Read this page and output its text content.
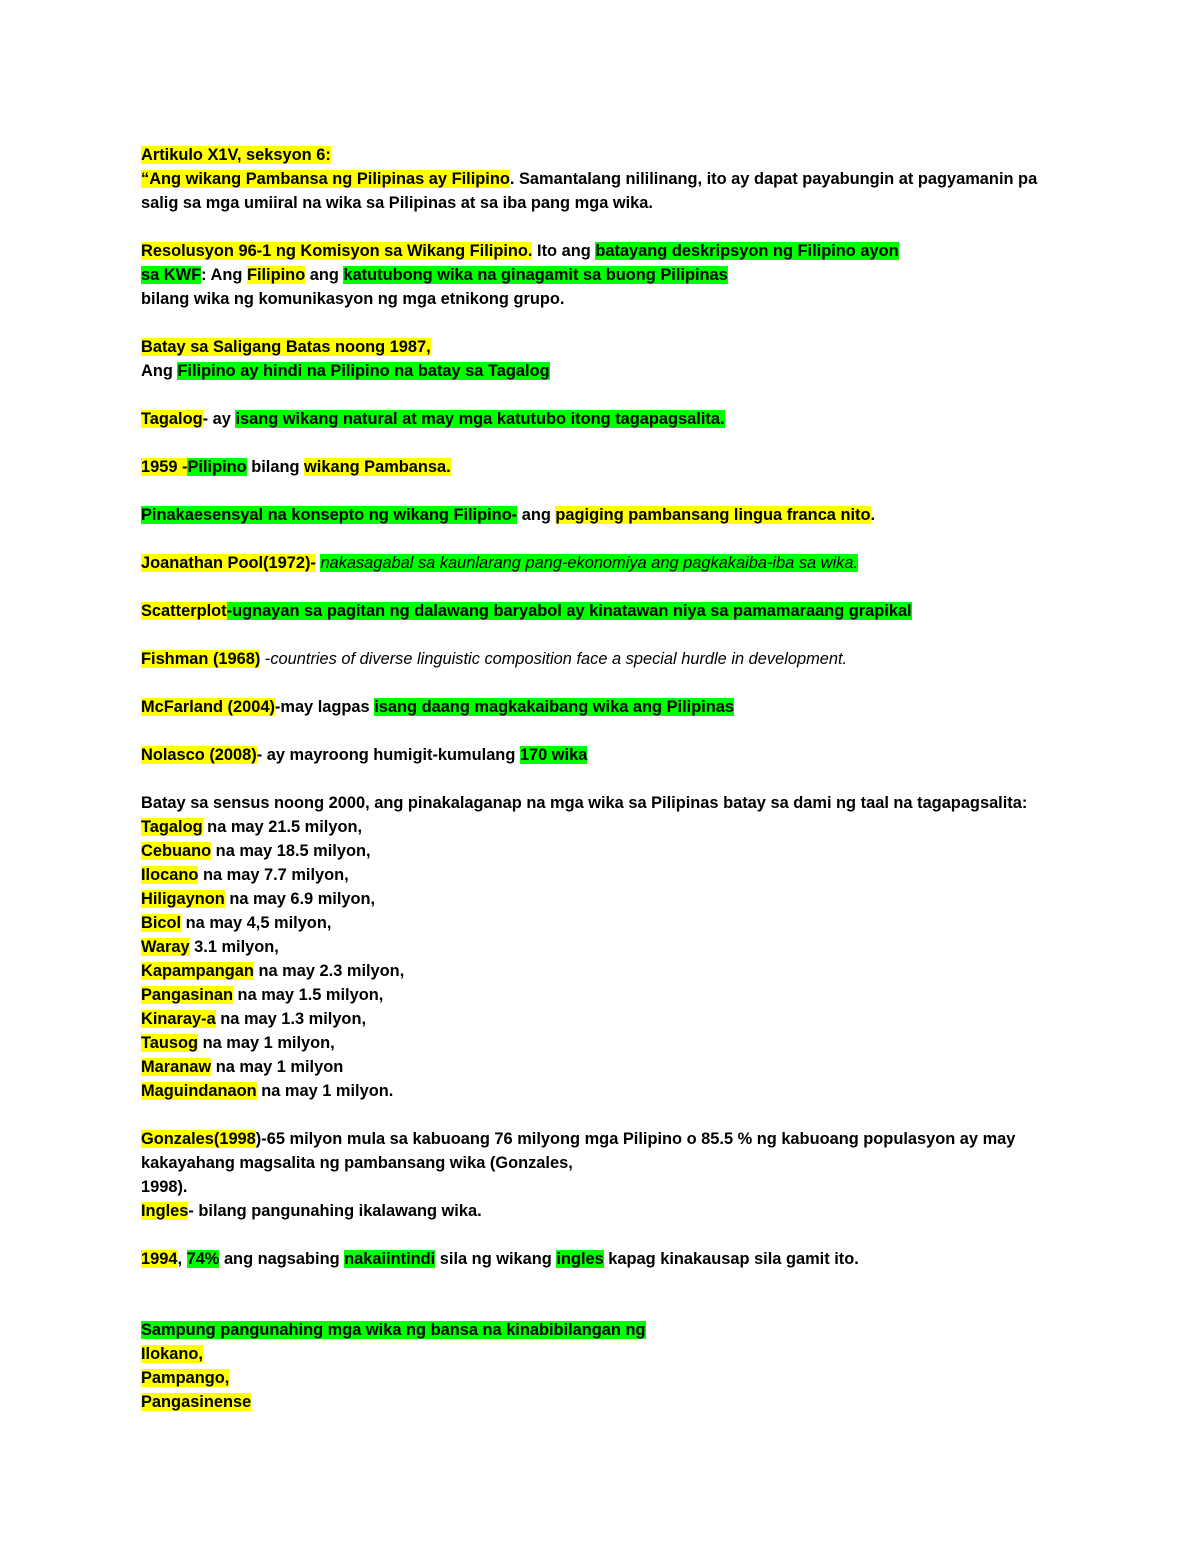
Artikulo X1V, seksyon 6:
“Ang wikang Pambansa ng Pilipinas ay Filipino. Samantalang nililinang, ito ay dapat payabungin at pagyamanin pa
salig sa mga umiiral na wika sa Pilipinas at sa iba pang mga wika.
Resolusyon 96-1 ng Komisyon sa Wikang Filipino. Ito ang batayang deskripsyon ng Filipino ayon
sa KWF: Ang Filipino ang katutubong wika na ginagamit sa buong Pilipinas
bilang wika ng komunikasyon ng mga etnikong grupo.
Batay sa Saligang Batas noong 1987,
Ang Filipino ay hindi na Pilipino na batay sa Tagalog
Tagalog- ay isang wikang natural at may mga katutubo itong tagapagsalita.
1959 -Pilipino bilang wikang Pambansa.
Pinakaesensyal na konsepto ng wikang Filipino- ang pagiging pambansang lingua franca nito.
Joanathan Pool(1972)- nakasagabal sa kaunlarang pang-ekonomiya ang pagkakaiba-iba sa wika.
Scatterplot-ugnayan sa pagitan ng dalawang baryabol ay kinatawan niya sa pamamaraang grapikal
Fishman (1968) -countries of diverse linguistic composition face a special hurdle in development.
McFarland (2004)-may lagpas isang daang magkakaibang wika ang Pilipinas
Nolasco (2008)- ay mayroong humigit-kumulang 170 wika
Batay sa sensus noong 2000, ang pinakalaganap na mga wika sa Pilipinas batay sa dami ng taal na tagapagsalita:
Tagalog na may 21.5 milyon,
Cebuano na may 18.5 milyon,
Ilocano na may 7.7 milyon,
Hiligaynon na may 6.9 milyon,
Bicol na may 4,5 milyon,
Waray 3.1 milyon,
Kapampangan na may 2.3 milyon,
Pangasinan na may 1.5 milyon,
Kinaray-a na may 1.3 milyon,
Tausog na may 1 milyon,
Maranaw na may 1 milyon
Maguindanaon na may 1 milyon.
Gonzales(1998)-65 milyon mula sa kabuoang 76 milyong mga Pilipino o 85.5 % ng kabuoang populasyon ay may
kakayahang magsalita ng pambansang wika (Gonzales,
1998).
Ingles- bilang pangunahing ikalawang wika.
1994, 74% ang nagsabing nakaiintindi sila ng wikang ingles kapag kinakausap sila gamit ito.
Sampung pangunahing mga wika ng bansa na kinabibilangan ng
Ilokano,
Pampango,
Pangasinense
